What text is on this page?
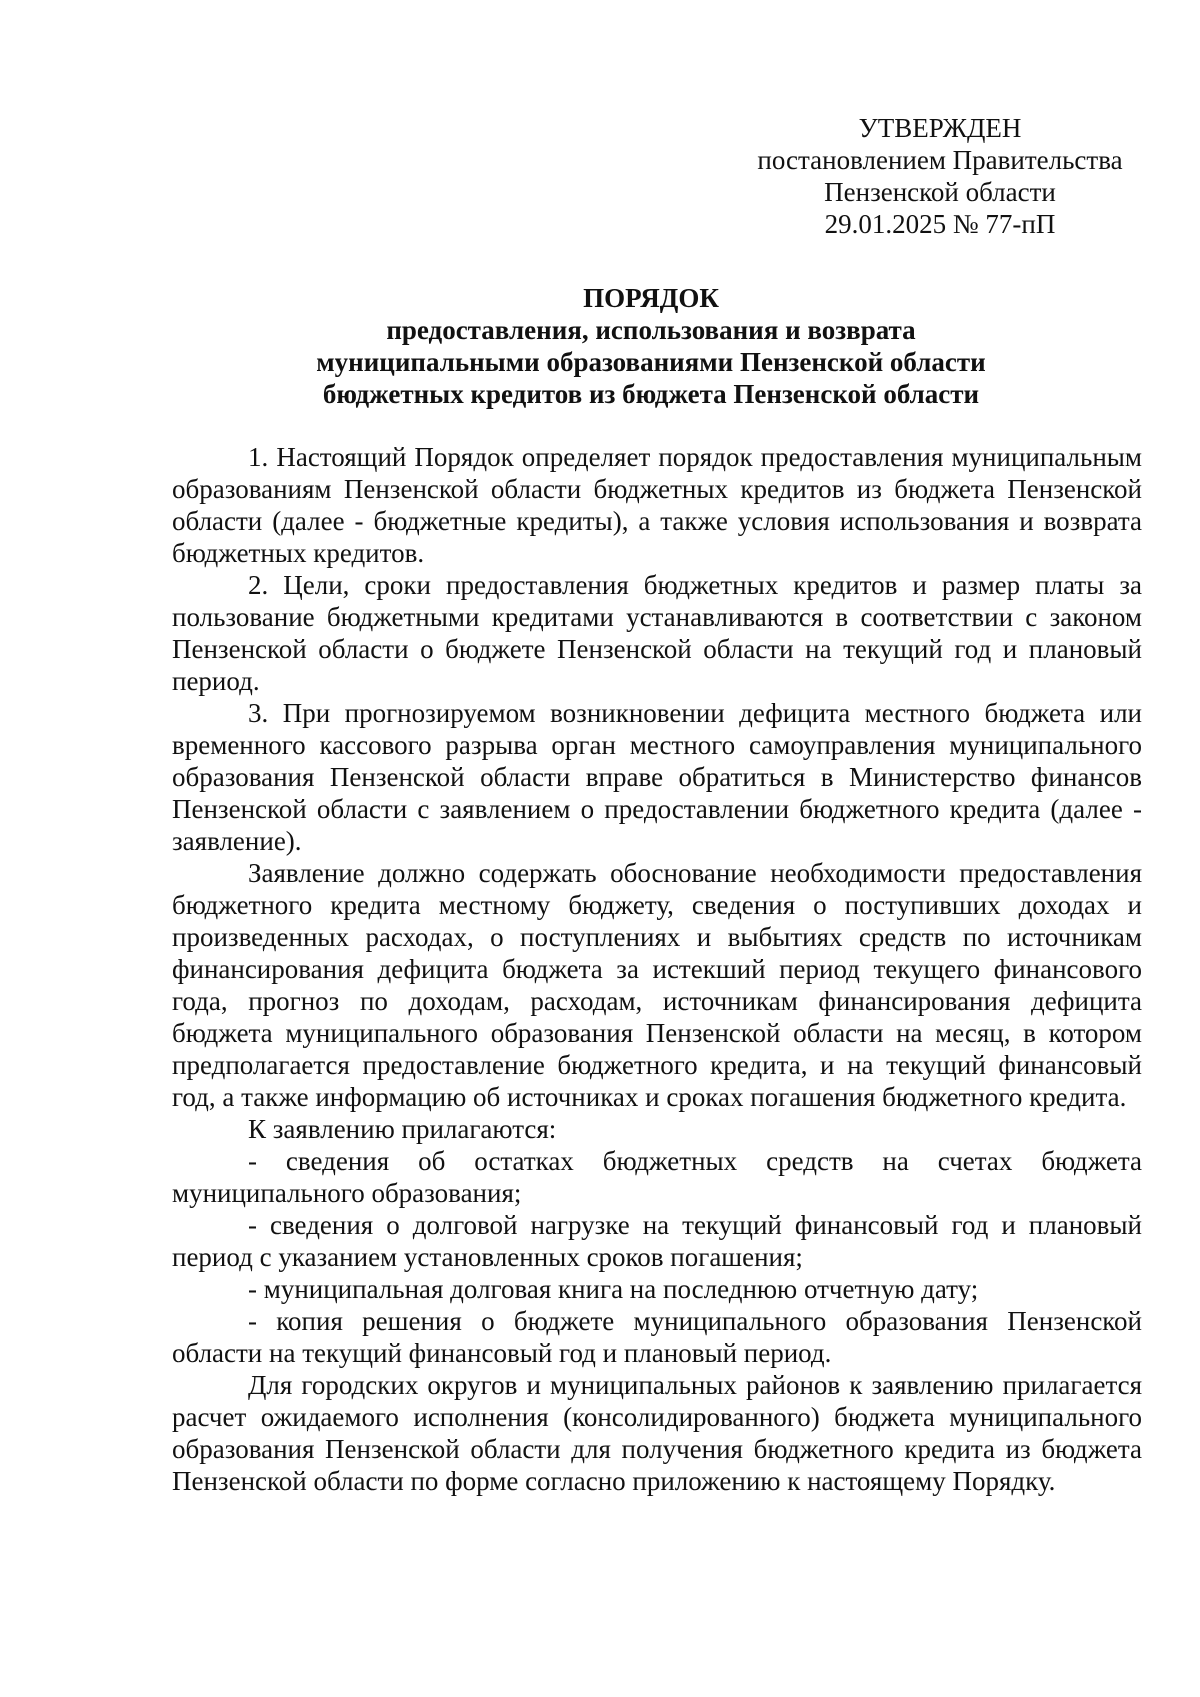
УТВЕРЖДЕН
постановлением Правительства
Пензенской области
29.01.2025 № 77-пП
ПОРЯДОК
предоставления, использования и возврата
муниципальными образованиями Пензенской области
бюджетных кредитов из бюджета Пензенской области

1. Настоящий Порядок определяет порядок предоставления муниципальным образованиям Пензенской области бюджетных кредитов из бюджета Пензенской области (далее - бюджетные кредиты), а также условия использования и возврата бюджетных кредитов.

2. Цели, сроки предоставления бюджетных кредитов и размер платы за пользование бюджетными кредитами устанавливаются в соответствии с законом Пензенской области о бюджете Пензенской области на текущий год и плановый период.

3. При прогнозируемом возникновении дефицита местного бюджета или временного кассового разрыва орган местного самоуправления муниципального образования Пензенской области вправе обратиться в Министерство финансов Пензенской области с заявлением о предоставлении бюджетного кредита (далее - заявление).

Заявление должно содержать обоснование необходимости предоставления бюджетного кредита местному бюджету, сведения о поступивших доходах и произведенных расходах, о поступлениях и выбытиях средств по источникам финансирования дефицита бюджета за истекший период текущего финансового года, прогноз по доходам, расходам, источникам финансирования дефицита бюджета муниципального образования Пензенской области на месяц, в котором предполагается предоставление бюджетного кредита, и на текущий финансовый год, а также информацию об источниках и сроках погашения бюджетного кредита.

К заявлению прилагаются:

- сведения об остатках бюджетных средств на счетах бюджета муниципального образования;

- сведения о долговой нагрузке на текущий финансовый год и плановый период с указанием установленных сроков погашения;

- муниципальная долговая книга на последнюю отчетную дату;

- копия решения о бюджете муниципального образования Пензенской области на текущий финансовый год и плановый период.

Для городских округов и муниципальных районов к заявлению прилагается расчет ожидаемого исполнения (консолидированного) бюджета муниципального образования Пензенской области для получения бюджетного кредита из бюджета Пензенской области по форме согласно приложению к настоящему Порядку.
